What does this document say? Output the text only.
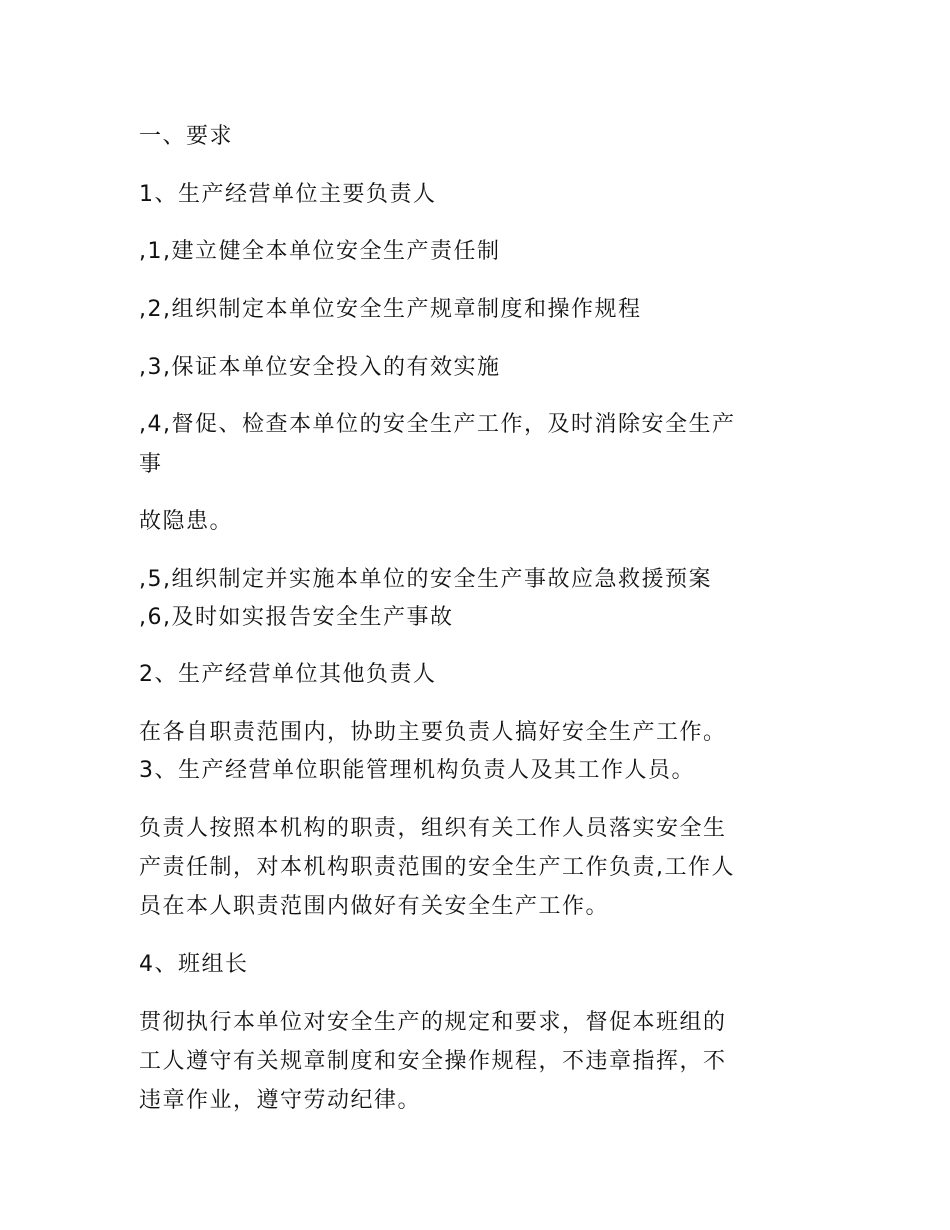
一、要求
1、生产经营单位主要负责人
,1,建立健全本单位安全生产责任制
,2,组织制定本单位安全生产规章制度和操作规程
,3,保证本单位安全投入的有效实施
,4,督促、检查本单位的安全生产工作，及时消除安全生产
事
故隐患。
,5,组织制定并实施本单位的安全生产事故应急救援预案
,6,及时如实报告安全生产事故
2、生产经营单位其他负责人
在各自职责范围内，协助主要负责人搞好安全生产工作。
3、生产经营单位职能管理机构负责人及其工作人员。
负责人按照本机构的职责，组织有关工作人员落实安全生
产责任制，对本机构职责范围的安全生产工作负责,工作人
员在本人职责范围内做好有关安全生产工作。
4、班组长
贯彻执行本单位对安全生产的规定和要求，督促本班组的
工人遵守有关规章制度和安全操作规程，不违章指挥，不
违章作业，遵守劳动纪律。
